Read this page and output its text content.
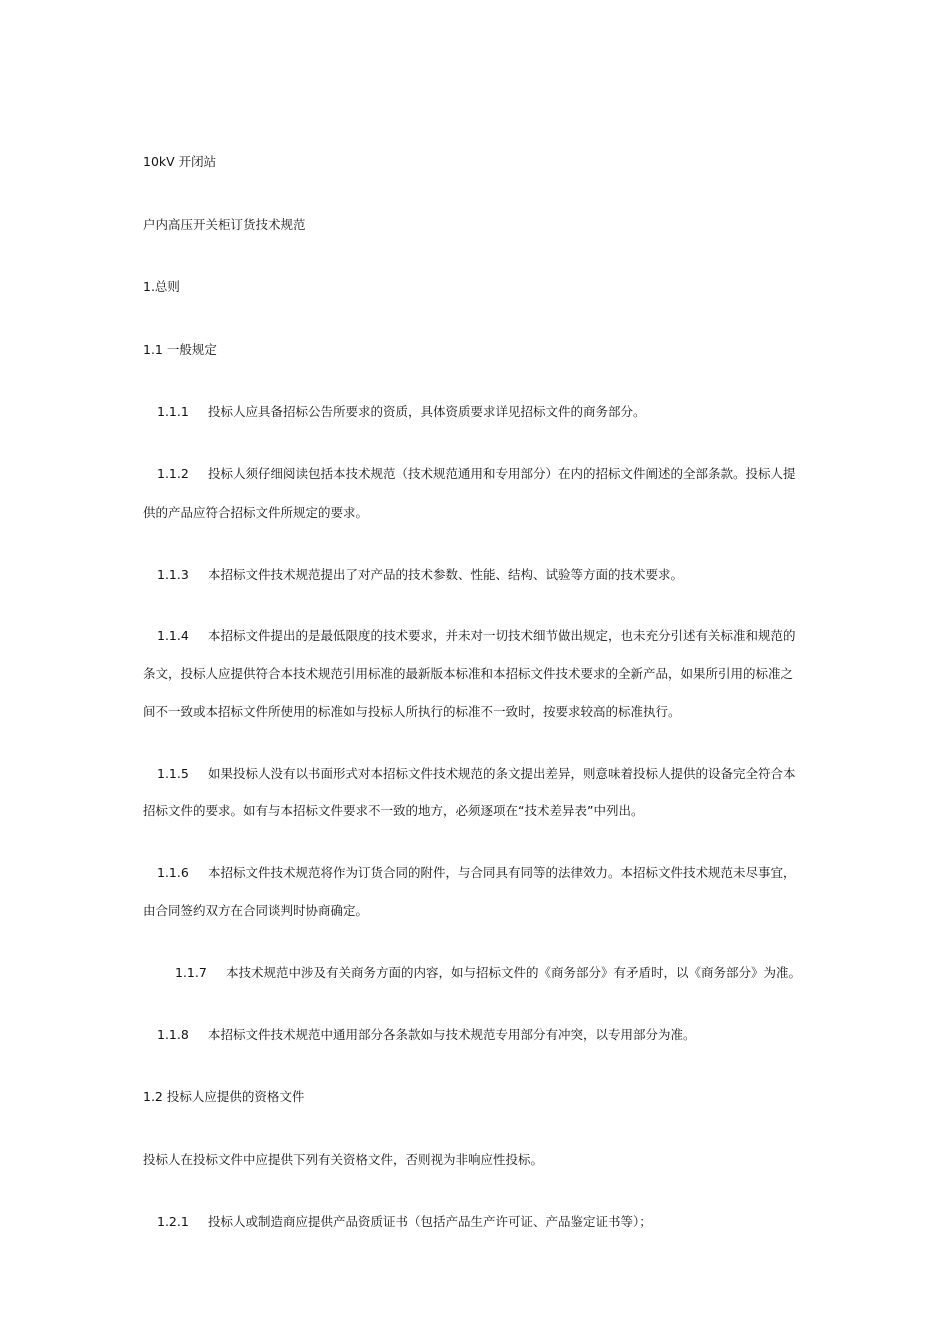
10kV 开闭站

户内高压开关柜订货技术规范

1.总则

1.1 一般规定

1.1.1 投标人应具备招标公告所要求的资质，具体资质要求详见招标文件的商务部分。

1.1.2 投标人须仔细阅读包括本技术规范（技术规范通用和专用部分）在内的招标文件阐述的全部条款。投标人提

供的产品应符合招标文件所规定的要求。

1.1.3 本招标文件技术规范提出了对产品的技术参数、性能、结构、试验等方面的技术要求。

1.1.4 本招标文件提出的是最低限度的技术要求，并未对一切技术细节做出规定，也未充分引述有关标准和规范的

条文，投标人应提供符合本技术规范引用标准的最新版本标准和本招标文件技术要求的全新产品，如果所引用的标准之

间不一致或本招标文件所使用的标准如与投标人所执行的标准不一致时，按要求较高的标准执行。

1.1.5 如果投标人没有以书面形式对本招标文件技术规范的条文提出差异，则意味着投标人提供的设备完全符合本

招标文件的要求。如有与本招标文件要求不一致的地方，必须逐项在“技术差异表”中列出。

1.1.6 本招标文件技术规范将作为订货合同的附件，与合同具有同等的法律效力。本招标文件技术规范未尽事宜，

由合同签约双方在合同谈判时协商确定。

1.1.7 本技术规范中涉及有关商务方面的内容，如与招标文件的《商务部分》有矛盾时，以《商务部分》为准。

1.1.8 本招标文件技术规范中通用部分各条款如与技术规范专用部分有冲突，以专用部分为准。

1.2 投标人应提供的资格文件

投标人在投标文件中应提供下列有关资格文件，否则视为非响应性投标。

1.2.1 投标人或制造商应提供产品资质证书（包括产品生产许可证、产品鉴定证书等）；
